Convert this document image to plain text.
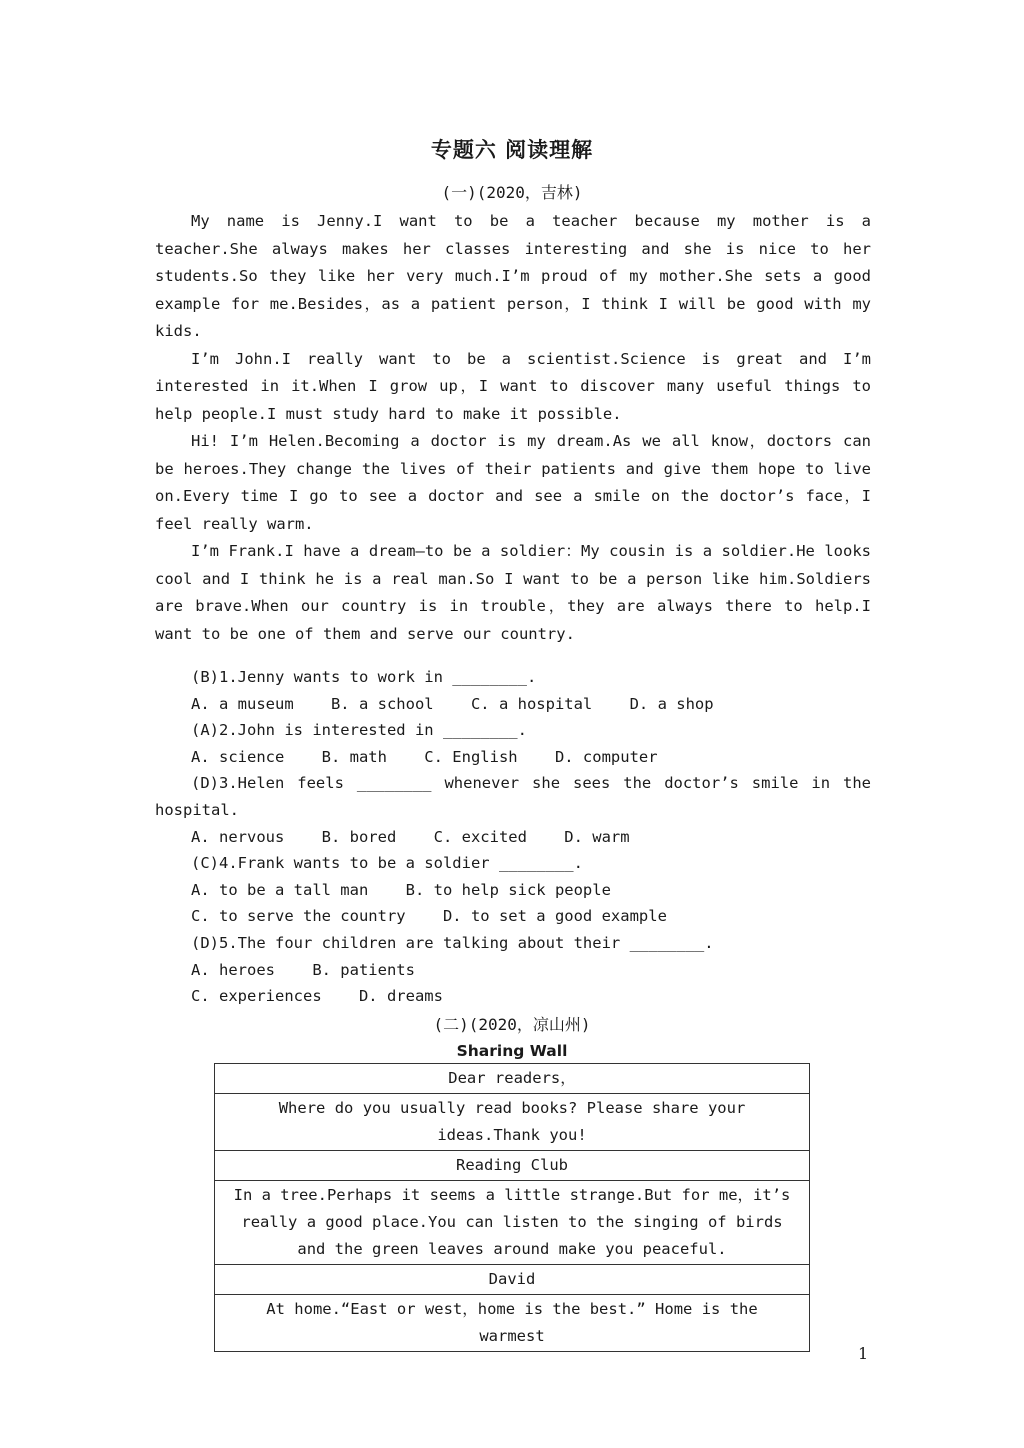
专题六 阅读理解
(一)(2020，吉林)

My name is Jenny.I want to be a teacher because my mother is a teacher.She always makes her classes interesting and she is nice to her students.So they like her very much.I’m proud of my mother.She sets a good example for me.Besides，as a patient person，I think I will be good with my kids.

I’m John.I really want to be a scientist.Science is great and I’m interested in it.When I grow up，I want to discover many useful things to help people.I must study hard to make it possible.

Hi! I’m Helen.Becoming a doctor is my dream.As we all know，doctors can be heroes.They change the lives of their patients and give them hope to live on.Every time I go to see a doctor and see a smile on the doctor’s face，I feel really warm.

I’m Frank.I have a dream—to be a soldier：My cousin is a soldier.He looks cool and I think he is a real man.So I want to be a person like him.Soldiers are brave.When our country is in trouble，they are always there to help.I want to be one of them and serve our country.

(B)1.Jenny wants to work in ________.
A. a museum    B. a school    C. a hospital    D. a shop
(A)2.John is interested in ________.
A. science    B. math    C. English    D. computer
(D)3.Helen feels ________ whenever she sees the doctor’s smile in the hospital.
A. nervous    B. bored    C. excited    D. warm
(C)4.Frank wants to be a soldier ________.
A. to be a tall man    B. to help sick people
C. to serve the country    D. to set a good example
(D)5.The four children are talking about their ________.
A. heroes    B. patients
C. experiences    D. dreams
(二)(2020，凉山州)
Sharing Wall
Dear readers，
Where do you usually read books? Please share your ideas.Thank you!
Reading Club
In a tree.Perhaps it seems a little strange.But for me，it’s really a good place.You can listen to the singing of birds and the green leaves around make you peaceful.
David
At home.“East or west，home is the best.” Home is the warmest
1
